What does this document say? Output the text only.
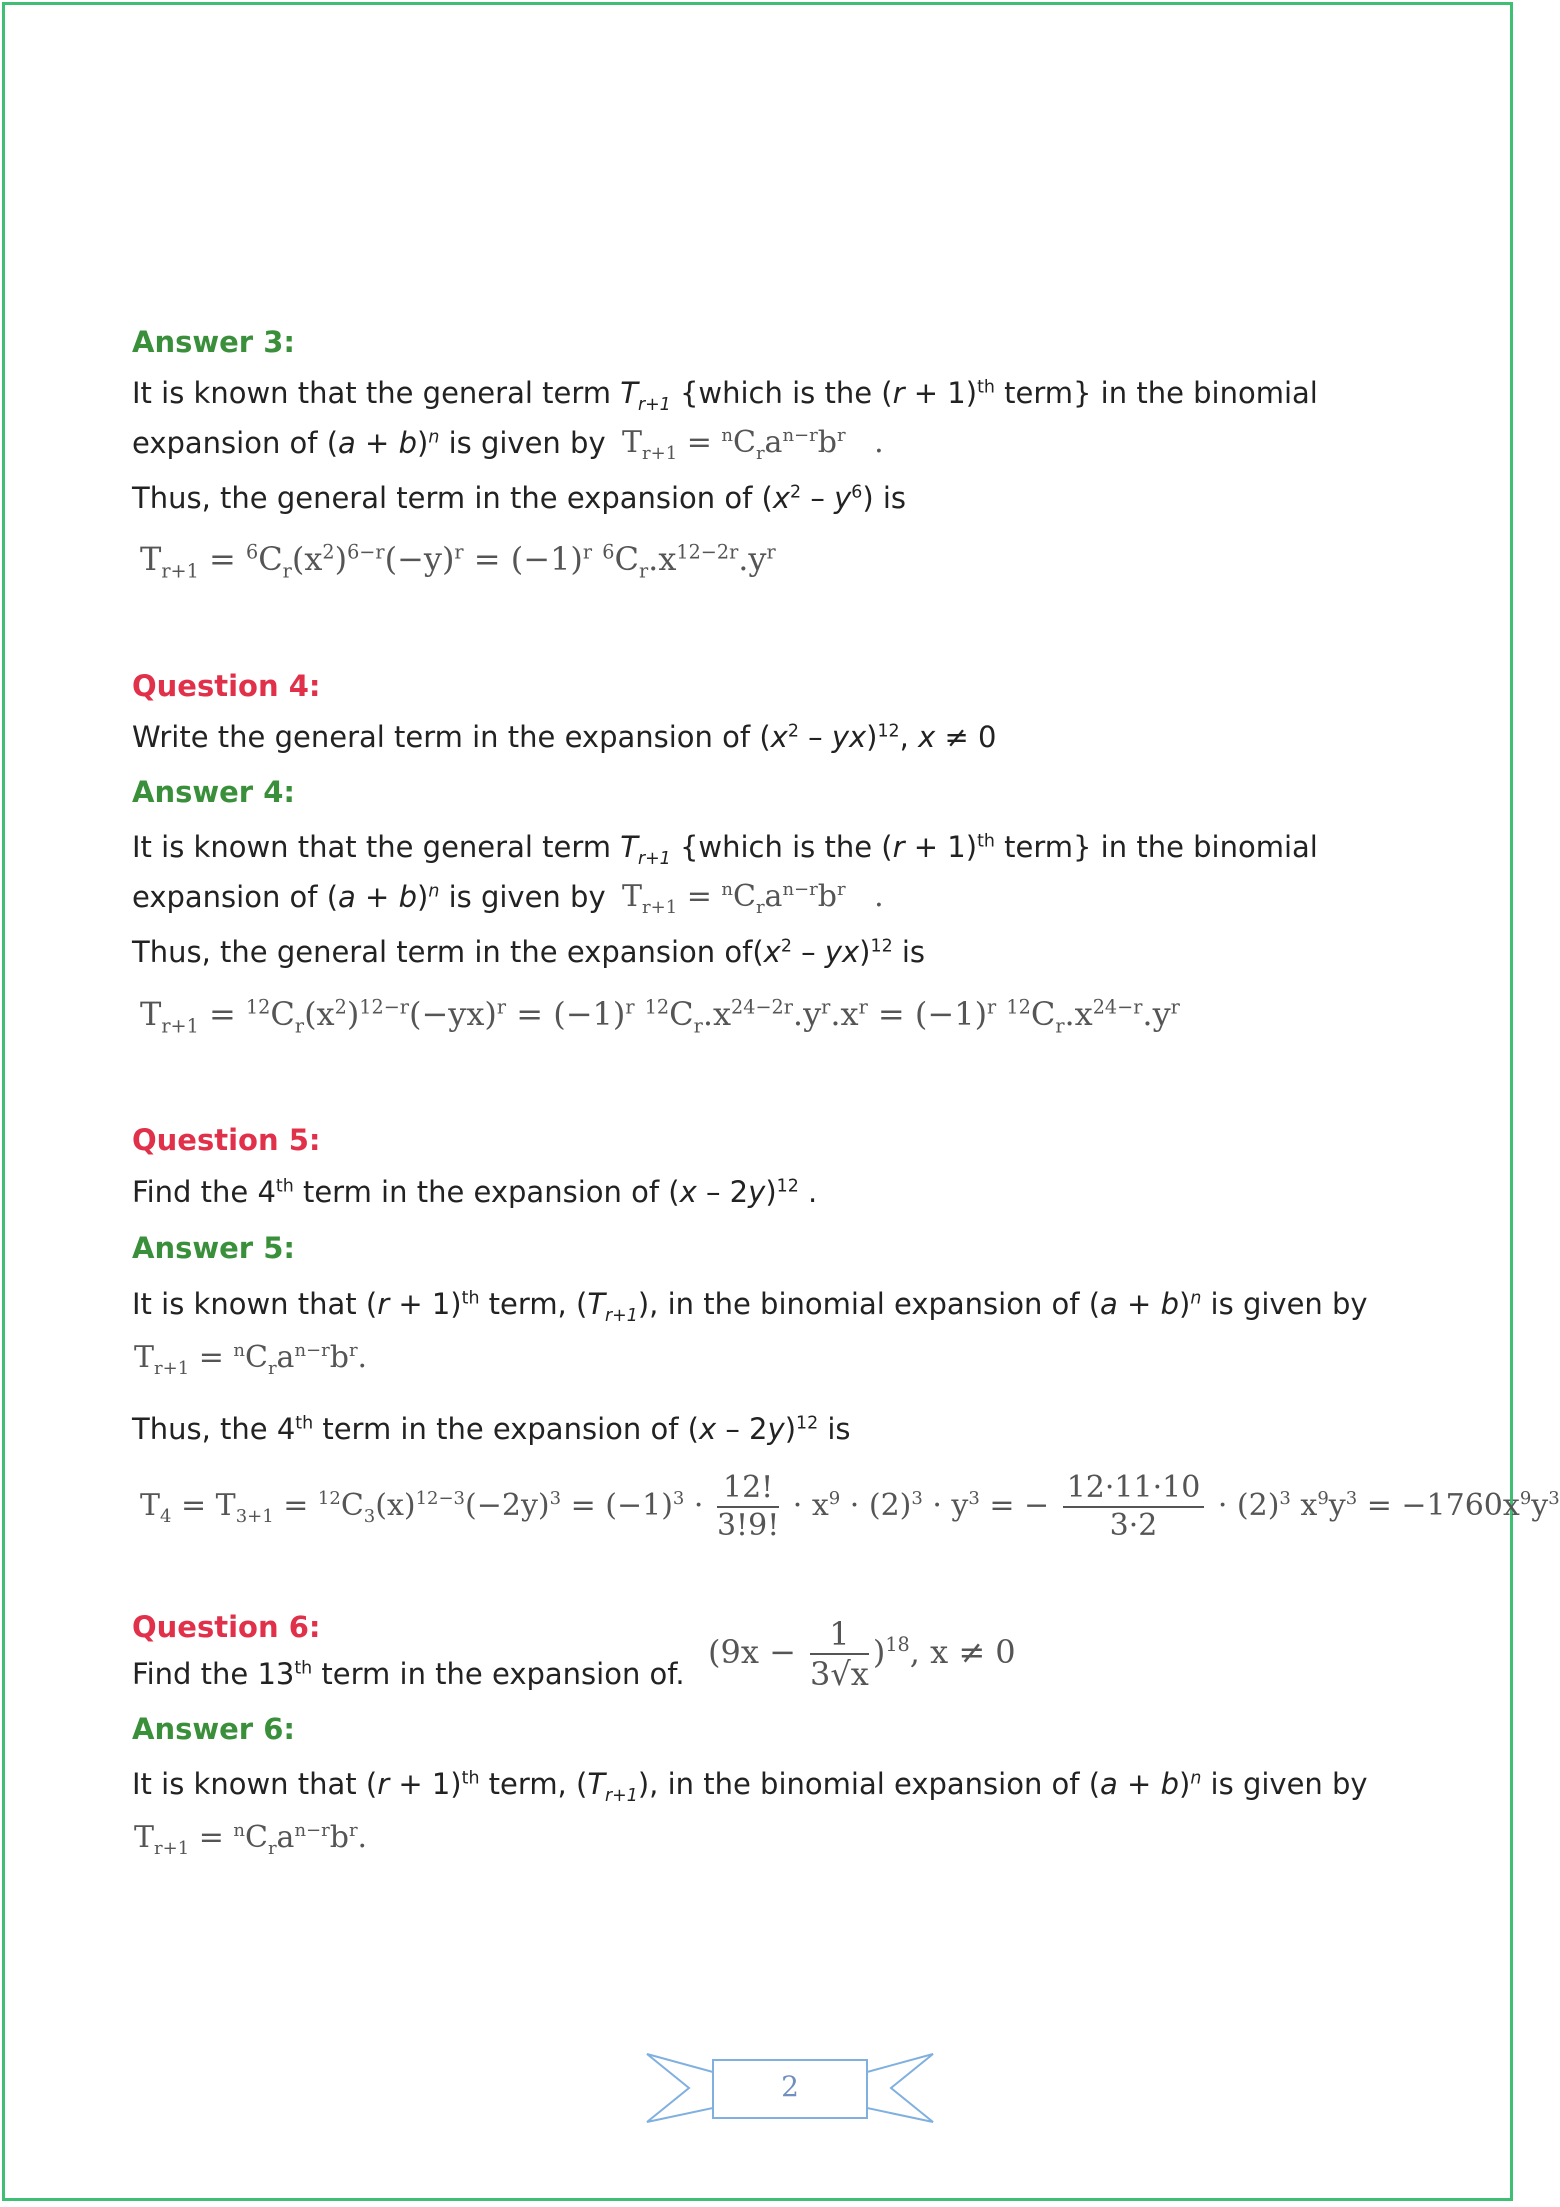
Answer 3:
It is known that the general term $T_{r+1}$ {which is the $(r + 1)^{th}$ term} in the binomial
expansion of $(a + b)^n$ is given by $T_{r+1} = ^nC_ra^{n-r}b^r$   .
Thus, the general term in the expansion of $(x^2 - y^6)$ is
$T_{r+1} = ^6C_r(x^2)^{6-r}(-y)^r = (-1)^r$ $^6C_r.x^{12-2r}.y^r$
Question 4:
Write the general term in the expansion of $(x^2 - yx)^{12}$, x ≠ 0
Answer 4:
It is known that the general term $T_{r+1}$ {which is the $(r + 1)^{th}$ term} in the binomial
expansion of $(a + b)^n$ is given by $T_{r+1} = ^nC_ra^{n-r}b^r$   .
Thus, the general term in the expansion $of(x^2 - yx)^{12}$ is
$T_{r+1} = ^{12}C_r(x^2)^{12-r}(-yx)^r = (-1)^r$ $^{12}C_r.x^{24-2r}.y^r.x^r = (-1)^r$ $^{12}C_r.x^{24-r}.y^r$
Question 5:
Find the 4th term in the expansion of (x – 2y)$^{12}$ .
Answer 5:
It is known that $(r + 1)^{th}$ term, $(T_{r+1})$, in the binomial expansion of $(a + b)^n$ is given by
$T_{r+1} = ^nC_ra^{n-r}b^r$.
Thus, the 4th term in the expansion of (x – 2y)$^{12}$ is
$T_4 = T_{3+1} = ^{12}C_3(x)^{12-3}(-2y)^3 = (-1)^3 \cdot \frac{12!}{3!9!} \cdot x^9 \cdot (2)^3 \cdot y^3$ = − $\frac{12\cdot 11\cdot 10}{3\cdot 2} \cdot (2)^3$ $x^9y^3 = -1760x^9y^3$
Question 6:
Find the 13th term in the expansion of.
$(9x - \frac{1}{3√x} )^{18}$, x ≠ 0
Answer 6:
It is known that $(r + 1)^{th}$ term, $(T_{r+1})$, in the binomial expansion of $(a + b)^n$ is given by
$T_{r+1} = ^nC_ra^{n-r}b^r$.
2
